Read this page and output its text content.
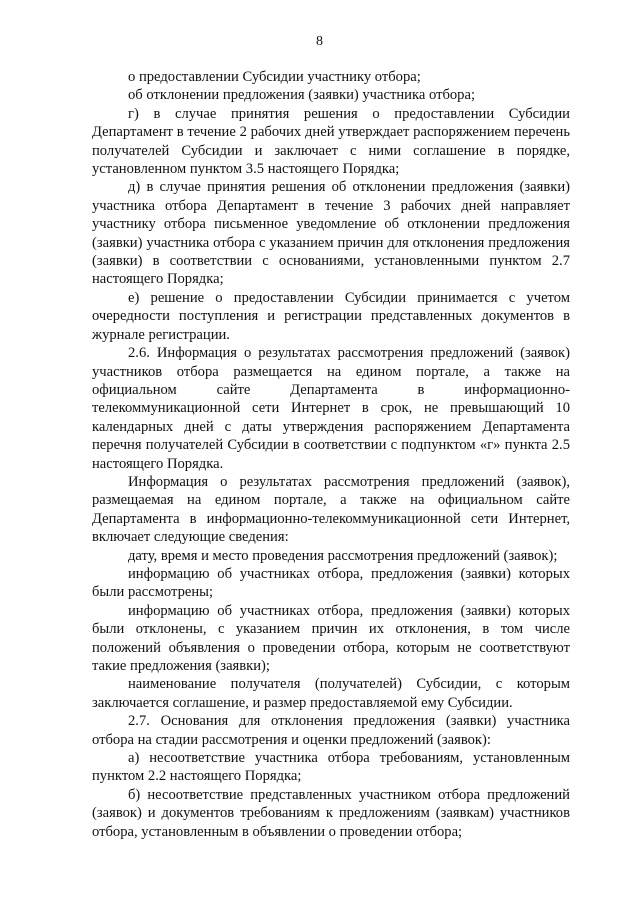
8

о предоставлении Субсидии участнику отбора;

об отклонении предложения (заявки) участника отбора;

г) в случае принятия решения о предоставлении Субсидии Департамент в течение 2 рабочих дней утверждает распоряжением перечень получателей Субсидии и заключает с ними соглашение в порядке, установленном пунктом 3.5 настоящего Порядка;

д) в случае принятия решения об отклонении предложения (заявки) участника отбора Департамент в течение 3 рабочих дней направляет участнику отбора письменное уведомление об отклонении предложения (заявки) участника отбора с указанием причин для отклонения предложения (заявки) в соответствии с основаниями, установленными пунктом 2.7 настоящего Порядка;

е) решение о предоставлении Субсидии принимается с учетом очередности поступления и регистрации представленных документов в журнале регистрации.

2.6. Информация о результатах рассмотрения предложений (заявок) участников отбора размещается на едином портале, а также на официальном сайте Департамента в информационно-телекоммуникационной сети Интернет в срок, не превышающий 10 календарных дней с даты утверждения распоряжением Департамента перечня получателей Субсидии в соответствии с подпунктом «г» пункта 2.5 настоящего Порядка.

Информация о результатах рассмотрения предложений (заявок), размещаемая на едином портале, а также на официальном сайте Департамента в информационно-телекоммуникационной сети Интернет, включает следующие сведения:

дату, время и место проведения рассмотрения предложений (заявок);

информацию об участниках отбора, предложения (заявки) которых были рассмотрены;

информацию об участниках отбора, предложения (заявки) которых были отклонены, с указанием причин их отклонения, в том числе положений объявления о проведении отбора, которым не соответствуют такие предложения (заявки);

наименование получателя (получателей) Субсидии, с которым заключается соглашение, и размер предоставляемой ему Субсидии.

2.7. Основания для отклонения предложения (заявки) участника отбора на стадии рассмотрения и оценки предложений (заявок):

а) несоответствие участника отбора требованиям, установленным пунктом 2.2 настоящего Порядка;

б) несоответствие представленных участником отбора предложений (заявок) и документов требованиям к предложениям (заявкам) участников отбора, установленным в объявлении о проведении отбора;
